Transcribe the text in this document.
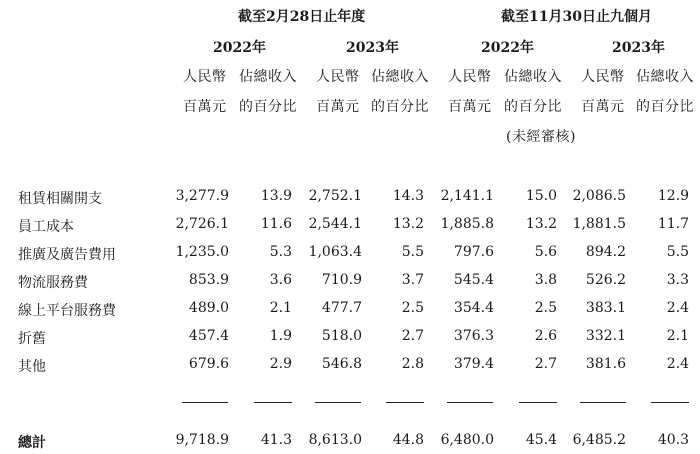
截至2月28日止年度	截至11月30日止九個月
2022年	2023年	2022年	2023年
人民幣 佔總收入 人民幣 佔總收入 人民幣 佔總收入 人民幣 佔總收入
百萬元 的百分比 百萬元 的百分比 百萬元 的百分比 百萬元 的百分比
(未經審核)
租賃相關開支	3,277.9 13.9 2,752.1 14.3 2,141.1 15.0 2,086.5 12.9
員工成本	2,726.1 11.6 2,544.1 13.2 1,885.8 13.2 1,881.5 11.7
推廣及廣告費用	1,235.0	5.3 1,063.4	5.5 797.6	5.6 894.2	5.5
物流服務費	853.9	3.6 710.9	3.7 545.4	3.8 526.2	3.3
線上平台服務費	489.0	2.1 477.7	2.5 354.4	2.5 383.1	2.4
折舊	457.4	1.9 518.0	2.7 376.3	2.6 332.1	2.1
其他	679.6	2.9 546.8	2.8 379.4	2.7 381.6	2.4
總計	9,718.9 41.3 8,613.0 44.8 6,480.0 45.4 6,485.2 40.3
